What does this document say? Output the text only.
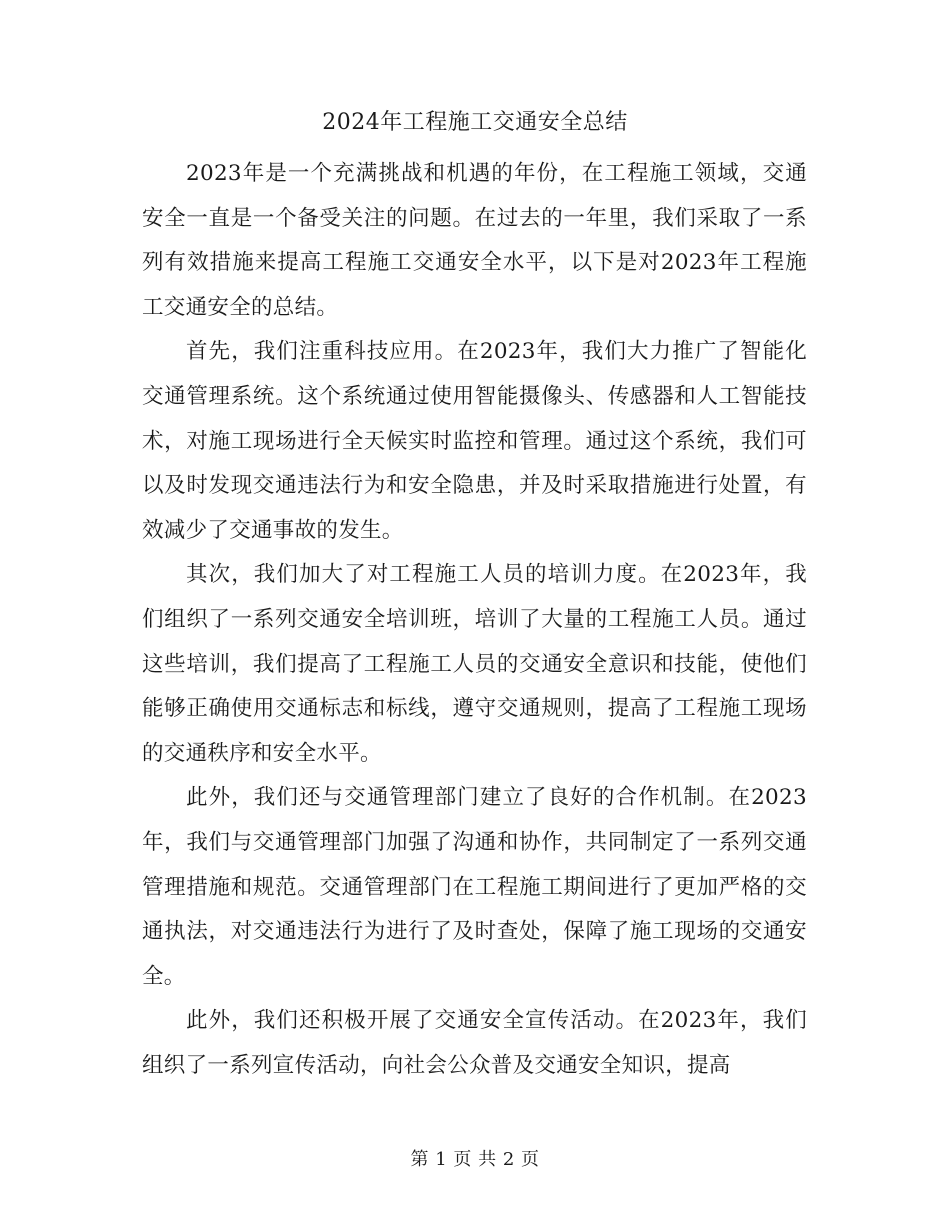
2024年工程施工交通安全总结

2023年是一个充满挑战和机遇的年份，在工程施工领域，交通安全一直是一个备受关注的问题。在过去的一年里，我们采取了一系列有效措施来提高工程施工交通安全水平，以下是对2023年工程施工交通安全的总结。

首先，我们注重科技应用。在2023年，我们大力推广了智能化交通管理系统。这个系统通过使用智能摄像头、传感器和人工智能技术，对施工现场进行全天候实时监控和管理。通过这个系统，我们可以及时发现交通违法行为和安全隐患，并及时采取措施进行处置，有效减少了交通事故的发生。

其次，我们加大了对工程施工人员的培训力度。在2023年，我们组织了一系列交通安全培训班，培训了大量的工程施工人员。通过这些培训，我们提高了工程施工人员的交通安全意识和技能，使他们能够正确使用交通标志和标线，遵守交通规则，提高了工程施工现场的交通秩序和安全水平。

此外，我们还与交通管理部门建立了良好的合作机制。在2023年，我们与交通管理部门加强了沟通和协作，共同制定了一系列交通管理措施和规范。交通管理部门在工程施工期间进行了更加严格的交通执法，对交通违法行为进行了及时查处，保障了施工现场的交通安全。

此外，我们还积极开展了交通安全宣传活动。在2023年，我们组织了一系列宣传活动，向社会公众普及交通安全知识，提高

第 1 页 共 2 页
